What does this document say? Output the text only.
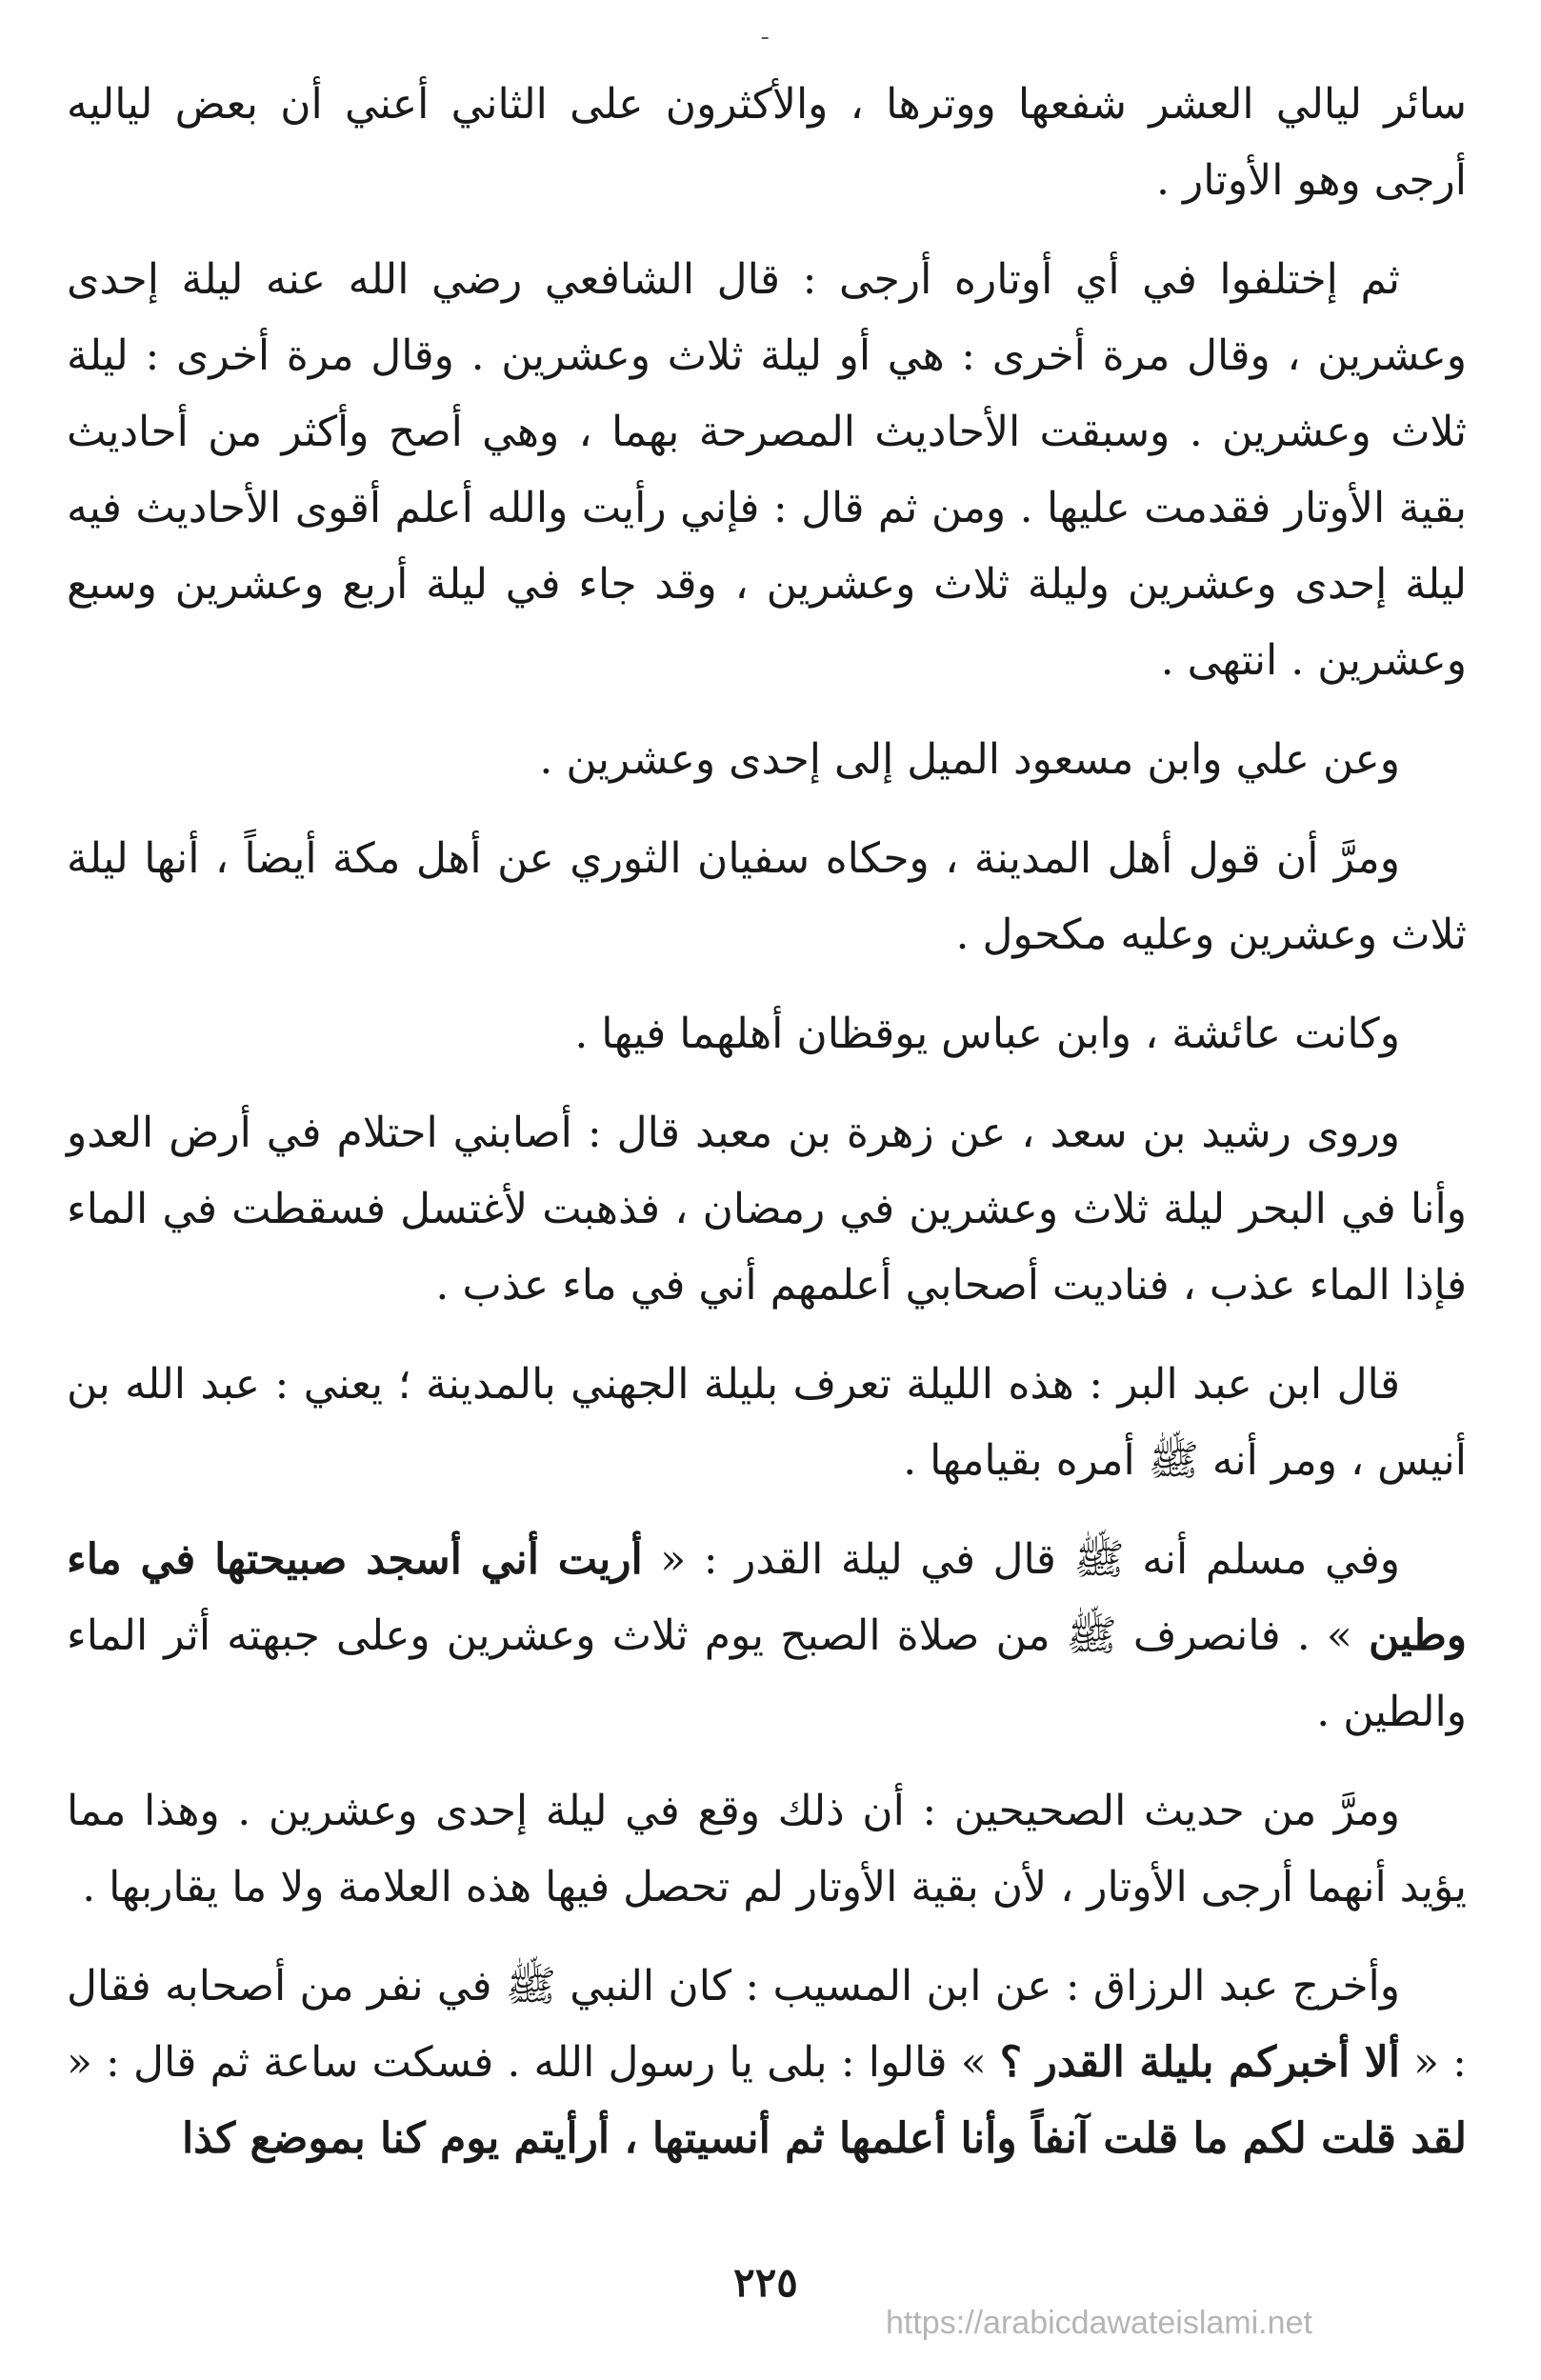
ـ

سائر ليالي العشر شفعها ووترها ، والأكثرون على الثاني أعني أن بعض لياليه أرجى وهو الأوتار .

ثم إختلفوا في أي أوتاره أرجى : قال الشافعي رضي الله عنه ليلة إحدى وعشرين ، وقال مرة أخرى : هي أو ليلة ثلاث وعشرين . وقال مرة أخرى : ليلة ثلاث وعشرين . وسبقت الأحاديث المصرحة بهما ، وهي أصح وأكثر من أحاديث بقية الأوتار فقدمت عليها . ومن ثم قال : فإني رأيت والله أعلم أقوى الأحاديث فيه ليلة إحدى وعشرين وليلة ثلاث وعشرين ، وقد جاء في ليلة أربع وعشرين وسبع وعشرين . انتهى .

وعن علي وابن مسعود الميل إلى إحدى وعشرين .

ومرَّ أن قول أهل المدينة ، وحكاه سفيان الثوري عن أهل مكة أيضاً ، أنها ليلة ثلاث وعشرين وعليه مكحول .

وكانت عائشة ، وابن عباس يوقظان أهلهما فيها .

وروى رشيد بن سعد ، عن زهرة بن معبد قال : أصابني احتلام في أرض العدو وأنا في البحر ليلة ثلاث وعشرين في رمضان ، فذهبت لأغتسل فسقطت في الماء فإذا الماء عذب ، فناديت أصحابي أعلمهم أني في ماء عذب .

قال ابن عبد البر : هذه الليلة تعرف بليلة الجهني بالمدينة ؛ يعني : عبد الله بن أنيس ، ومر أنه ﷺ أمره بقيامها .

وفي مسلم أنه ﷺ قال في ليلة القدر : « أريت أني أسجد صبيحتها في ماء وطين » . فانصرف ﷺ من صلاة الصبح يوم ثلاث وعشرين وعلى جبهته أثر الماء والطين .

ومرَّ من حديث الصحيحين : أن ذلك وقع في ليلة إحدى وعشرين . وهذا مما يؤيد أنهما أرجى الأوتار ، لأن بقية الأوتار لم تحصل فيها هذه العلامة ولا ما يقاربها .

وأخرج عبد الرزاق : عن ابن المسيب : كان النبي ﷺ في نفر من أصحابه فقال : « ألا أخبركم بليلة القدر ؟ » قالوا : بلى يا رسول الله . فسكت ساعة ثم قال : « لقد قلت لكم ما قلت آنفاً وأنا أعلمها ثم أنسيتها ، أرأيتم يوم كنا بموضع كذا

٢٢٥
https://arabicdawateislami.net
